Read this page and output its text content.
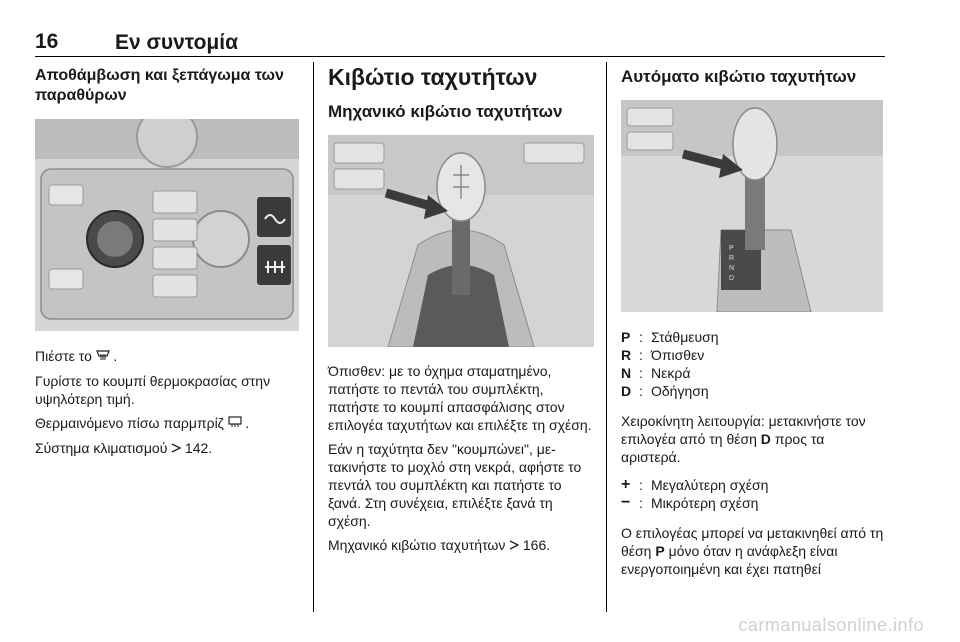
16	Εν συντομία
Αποθάμβωση και ξεπάγωμα των παραθύρων

Πιέστε το .

Γυρίστε το κουμπί θερμοκρασίας στην υψηλότερη τιμή.

Θερμαινόμενο πίσω παρμπρίζ .

Σύστημα κλιματισμού 142.

Κιβώτιο ταχυτήτων
Μηχανικό κιβώτιο ταχυτήτων

Όπισθεν: με το όχημα σταματημένο, πατήστε το πεντάλ του συμπλέκτη, πατήστε το κουμπί απασφάλισης στον επιλογέα ταχυτήτων και επιλέξτε τη σχέση.

Εάν η ταχύτητα δεν "κουμπώνει", μετακινήστε το μοχλό στη νεκρά, αφήστε το πεντάλ του συμπλέκτη και πατήστε το ξανά. Στη συνέχεια, επιλέξτε ξανά τη σχέση.

Μηχανικό κιβώτιο ταχυτήτων 166.

Αυτόματο κιβώτιο ταχυτήτων
P
R
N
D
P : Στάθμευση
R : Όπισθεν
N : Νεκρά
D : Οδήγηση

Χειροκίνητη λειτουργία: μετακινήστε τον επιλογέα από τη θέση D προς τα αριστερά.

+ : Μεγαλύτερη σχέση
− : Μικρότερη σχέση

Ο επιλογέας μπορεί να μετακινηθεί από τη θέση P μόνο όταν η ανάφλεξη είναι ενεργοποιημένη και έχει πατηθεί

carmanualsonline.info
